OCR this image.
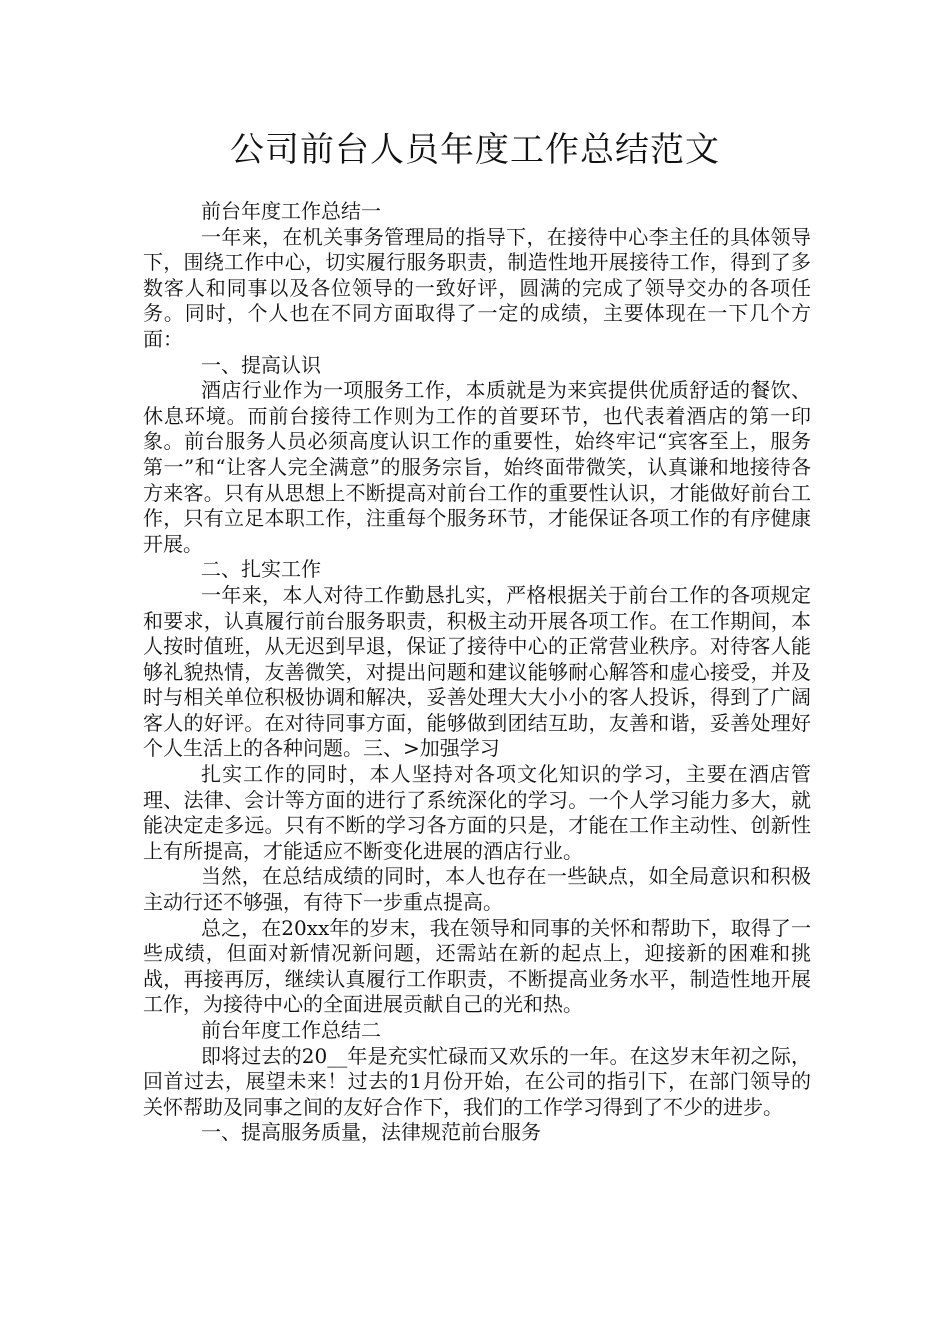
公司前台人员年度工作总结范文

前台年度工作总结一

一年来，在机关事务管理局的指导下，在接待中心李主任的具体领导下，围绕工作中心，切实履行服务职责，制造性地开展接待工作，得到了多数客人和同事以及各位领导的一致好评，圆满的完成了领导交办的各项任务。同时，个人也在不同方面取得了一定的成绩，主要体现在一下几个方面：

一、提高认识

酒店行业作为一项服务工作，本质就是为来宾提供优质舒适的餐饮、休息环境。而前台接待工作则为工作的首要环节，也代表着酒店的第一印象。前台服务人员必须高度认识工作的重要性，始终牢记“宾客至上，服务第一”和“让客人完全满意”的服务宗旨，始终面带微笑，认真谦和地接待各方来客。只有从思想上不断提高对前台工作的重要性认识，才能做好前台工作，只有立足本职工作，注重每个服务环节，才能保证各项工作的有序健康开展。

二、扎实工作

一年来，本人对待工作勤恳扎实，严格根据关于前台工作的各项规定和要求，认真履行前台服务职责，积极主动开展各项工作。在工作期间，本人按时值班，从无迟到早退，保证了接待中心的正常营业秩序。对待客人能够礼貌热情，友善微笑，对提出问题和建议能够耐心解答和虚心接受，并及时与相关单位积极协调和解决，妥善处理大大小小的客人投诉，得到了广阔客人的好评。在对待同事方面，能够做到团结互助，友善和谐，妥善处理好个人生活上的各种问题。三、>加强学习

扎实工作的同时，本人坚持对各项文化知识的学习，主要在酒店管理、法律、会计等方面的进行了系统深化的学习。一个人学习能力多大，就能决定走多远。只有不断的学习各方面的只是，才能在工作主动性、创新性上有所提高，才能适应不断变化进展的酒店行业。

当然，在总结成绩的同时，本人也存在一些缺点，如全局意识和积极主动行还不够强，有待下一步重点提高。

总之，在20xx年的岁末，我在领导和同事的关怀和帮助下，取得了一些成绩，但面对新情况新问题，还需站在新的起点上，迎接新的困难和挑战，再接再厉，继续认真履行工作职责，不断提高业务水平，制造性地开展工作，为接待中心的全面进展贡献自己的光和热。

前台年度工作总结二

即将过去的20__年是充实忙碌而又欢乐的一年。在这岁末年初之际，回首过去，展望未来！过去的1月份开始，在公司的指引下，在部门领导的关怀帮助及同事之间的友好合作下，我们的工作学习得到了不少的进步。

一、提高服务质量，法律规范前台服务
